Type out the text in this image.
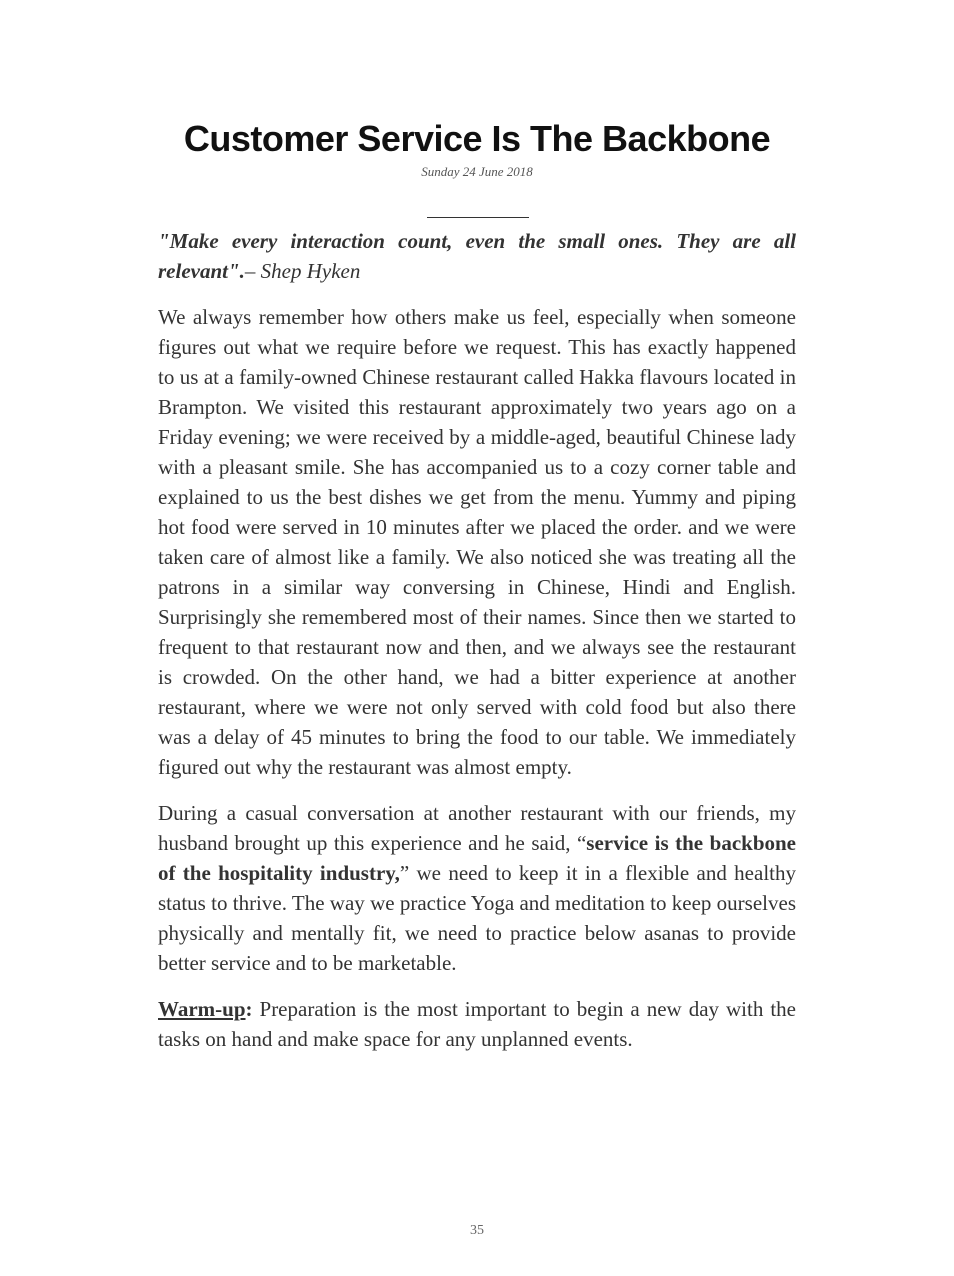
Customer Service Is The Backbone
Sunday 24 June 2018

"Make every interaction count, even the small ones. They are all relevant".– Shep Hyken

We always remember how others make us feel, especially when someone figures out what we require before we request. This has exactly happened to us at a family-owned Chinese restaurant called Hakka flavours located in Brampton. We visited this restaurant approximately two years ago on a Friday evening; we were received by a middle-aged, beautiful Chinese lady with a pleasant smile. She has accompanied us to a cozy corner table and explained to us the best dishes we get from the menu. Yummy and piping hot food were served in 10 minutes after we placed the order. and we were taken care of almost like a family. We also noticed she was treating all the patrons in a similar way conversing in Chinese, Hindi and English. Surprisingly she remembered most of their names. Since then we started to frequent to that restaurant now and then, and we always see the restaurant is crowded. On the other hand, we had a bitter experience at another restaurant, where we were not only served with cold food but also there was a delay of 45 minutes to bring the food to our table. We immediately figured out why the restaurant was almost empty.

During a casual conversation at another restaurant with our friends, my husband brought up this experience and he said, “service is the backbone of the hospitality industry,” we need to keep it in a flexible and healthy status to thrive. The way we practice Yoga and meditation to keep ourselves physically and mentally fit, we need to practice below asanas to provide better service and to be marketable.

Warm-up: Preparation is the most important to begin a new day with the tasks on hand and make space for any unplanned events.

35
